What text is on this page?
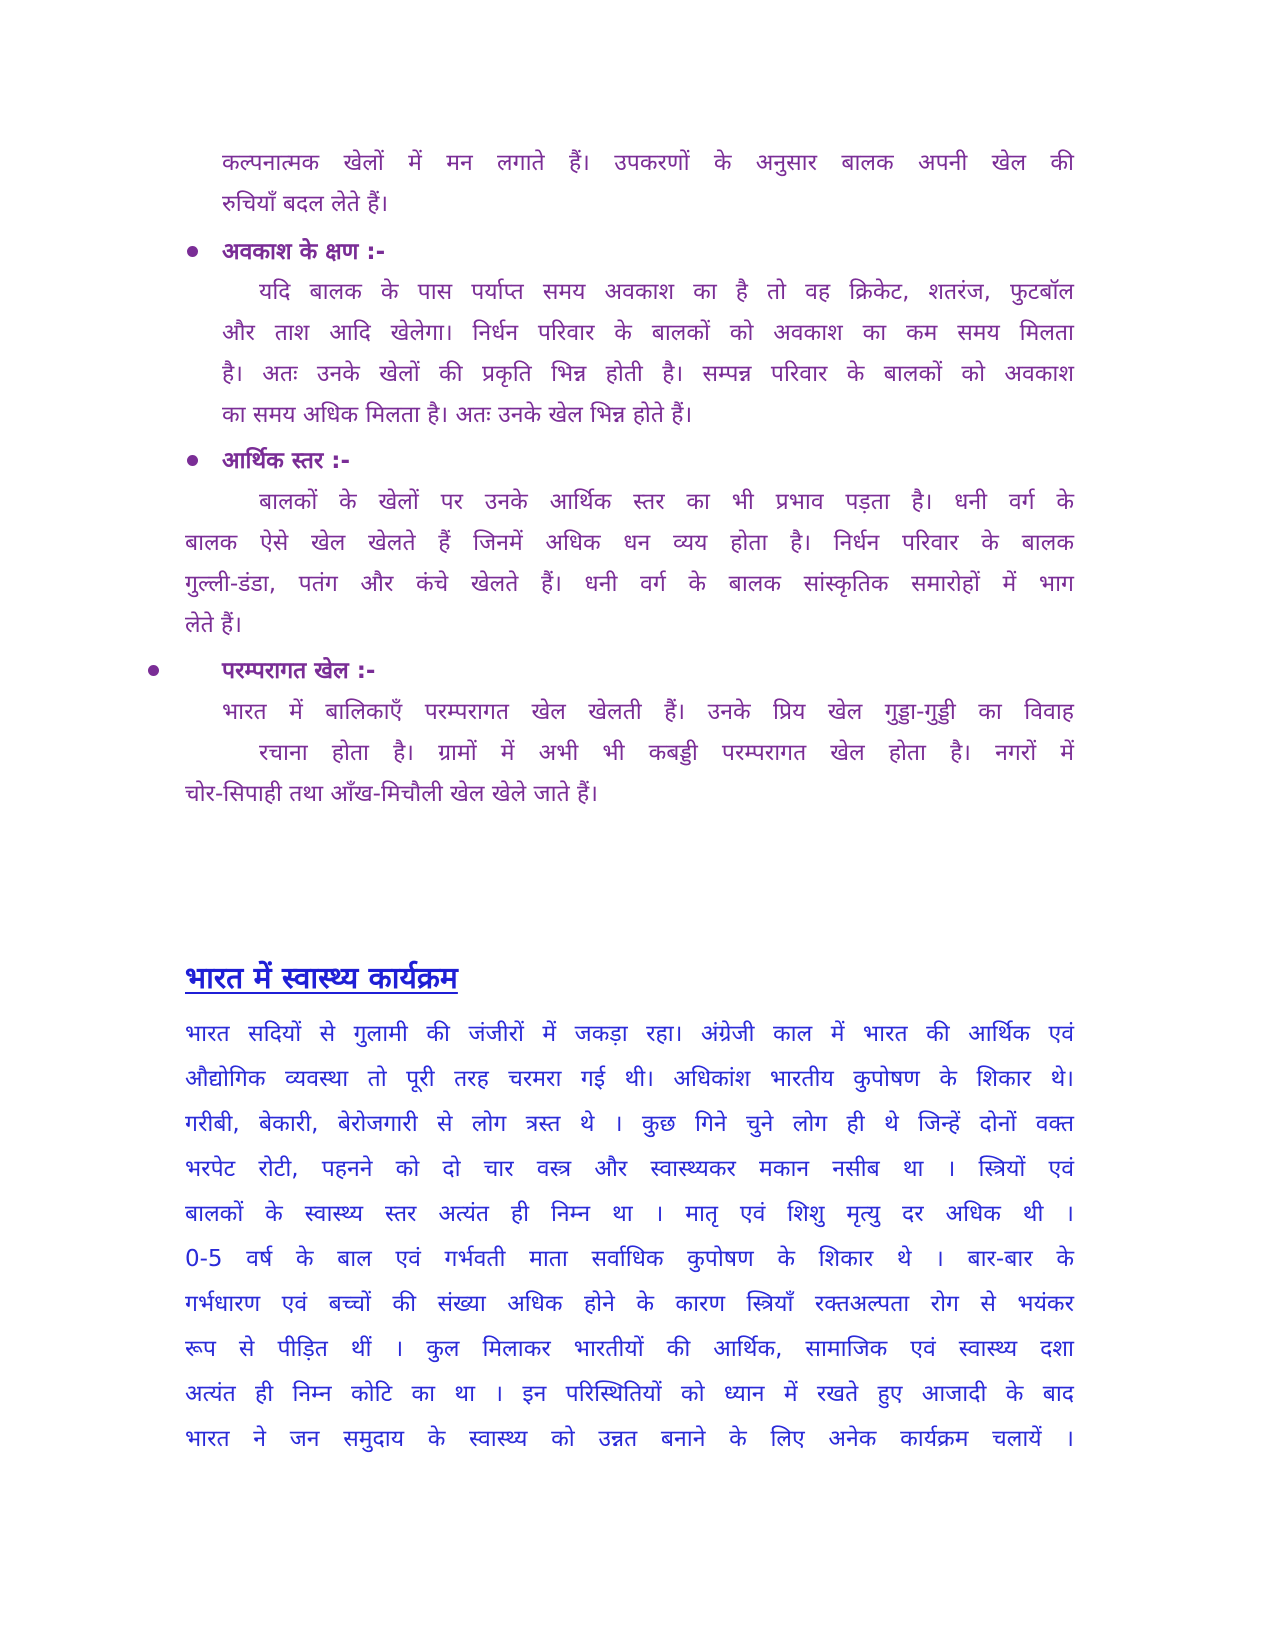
कल्पनात्मक खेलों में मन लगाते हैं। उपकरणों के अनुसार बालक अपनी खेल की
रुचियाँ बदल लेते हैं।
अवकाश के क्षण :-
यदि बालक के पास पर्याप्त समय अवकाश का है तो वह क्रिकेट, शतरंज, फुटबॉल
और ताश आदि खेलेगा। निर्धन परिवार के बालकों को अवकाश का कम समय मिलता
है। अतः उनके खेलों की प्रकृति भिन्न होती है। सम्पन्न परिवार के बालकों को अवकाश
का समय अधिक मिलता है। अतः उनके खेल भिन्न होते हैं।
आर्थिक स्तर :-
बालकों के खेलों पर उनके आर्थिक स्तर का भी प्रभाव पड़ता है। धनी वर्ग के
बालक ऐसे खेल खेलते हैं जिनमें अधिक धन व्यय होता है। निर्धन परिवार के बालक
गुल्ली-डंडा, पतंग और कंचे खेलते हैं। धनी वर्ग के बालक सांस्कृतिक समारोहों में भाग
लेते हैं।
परम्परागत खेल :-
भारत में बालिकाएँ परम्परागत खेल खेलती हैं। उनके प्रिय खेल गुड्डा-गुड्डी का विवाह
रचाना होता है। ग्रामों में अभी भी कबड्डी परम्परागत खेल होता है। नगरों में
चोर-सिपाही तथा आँख-मिचौली खेल खेले जाते हैं।
भारत में स्वास्थ्य कार्यक्रम
भारत सदियों से गुलामी की जंजीरों में जकड़ा रहा। अंग्रेजी काल में भारत की आर्थिक एवं
औद्योगिक व्यवस्था तो पूरी तरह चरमरा गई थी। अधिकांश भारतीय कुपोषण के शिकार थे।
गरीबी, बेकारी, बेरोजगारी से लोग त्रस्त थे । कुछ गिने चुने लोग ही थे जिन्हें दोनों वक्त
भरपेट रोटी, पहनने को दो चार वस्त्र और स्वास्थ्यकर मकान नसीब था । स्त्रियों एवं
बालकों के स्वास्थ्य स्तर अत्यंत ही निम्न था । मातृ एवं शिशु मृत्यु दर अधिक थी ।
0-5 वर्ष के बाल एवं गर्भवती माता सर्वाधिक कुपोषण के शिकार थे । बार-बार के
गर्भधारण एवं बच्चों की संख्या अधिक होने के कारण स्त्रियाँ रक्तअल्पता रोग से भयंकर
रूप से पीड़ित थीं । कुल मिलाकर भारतीयों की आर्थिक, सामाजिक एवं स्वास्थ्य दशा
अत्यंत ही निम्न कोटि का था । इन परिस्थितियों को ध्यान में रखते हुए आजादी के बाद
भारत ने जन समुदाय के स्वास्थ्य को उन्नत बनाने के लिए अनेक कार्यक्रम चलायें ।
